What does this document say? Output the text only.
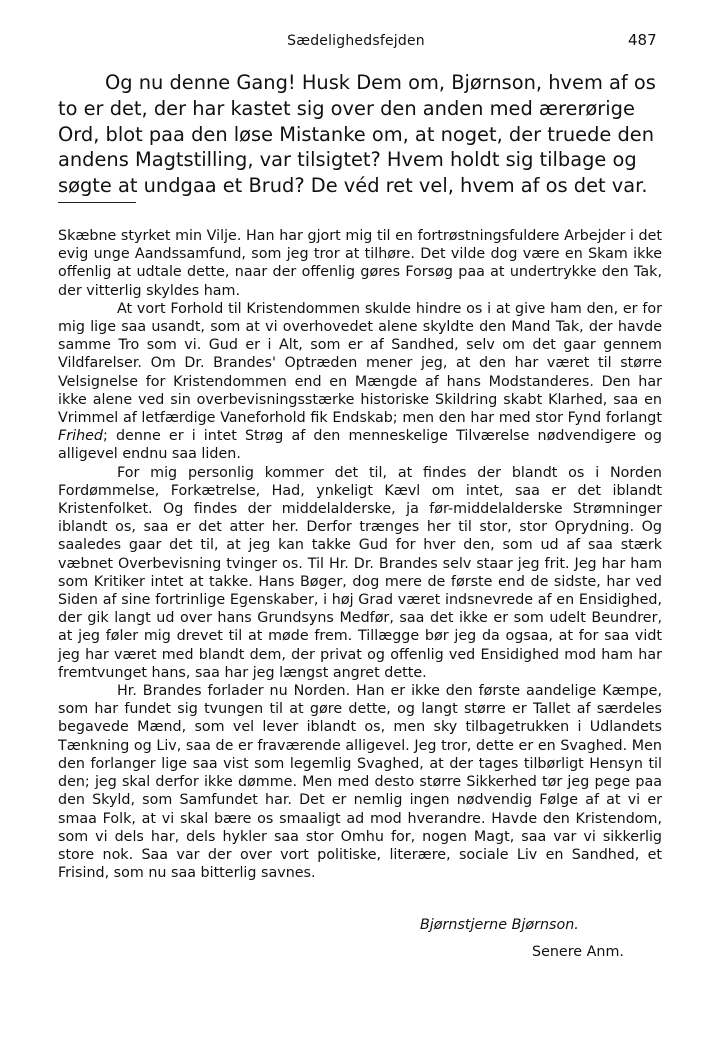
Sædelighedsfejden	487
Og nu denne Gang! Husk Dem om, Bjørnson, hvem af os
to er det, der har kastet sig over den anden med ærerørige
Ord, blot paa den løse Mistanke om, at noget, der truede den
andens Magtstilling, var tilsigtet? Hvem holdt sig tilbage og
søgte at undgaa et Brud? De véd ret vel, hvem af os det var.

Skæbne styrket min Vilje. Han har gjort mig til en fortrøstningsfuldere Arbejder i det evig unge Aandssamfund, som jeg tror at tilhøre. Det vilde dog være en Skam ikke offenlig at udtale dette, naar der offenlig gøres Forsøg paa at undertrykke den Tak, der vitterlig skyldes ham.

At vort Forhold til Kristendommen skulde hindre os i at give ham den, er for mig lige saa usandt, som at vi overhovedet alene skyldte den Mand Tak, der havde samme Tro som vi. Gud er i Alt, som er af Sandhed, selv om det gaar gennem Vildfarelser. Om Dr. Brandes' Optræden mener jeg, at den har været til større Velsignelse for Kristendommen end en Mængde af hans Modstanderes. Den har ikke alene ved sin overbevisningsstærke historiske Skildring skabt Klarhed, saa en Vrimmel af letfærdige Vaneforhold fik Endskab; men den har med stor Fynd forlangt Frihed; denne er i intet Strøg af den menneskelige Tilværelse nødvendigere og alligevel endnu saa liden.

For mig personlig kommer det til, at findes der blandt os i Norden Fordømmelse, Forkætrelse, Had, ynkeligt Kævl om intet, saa er det iblandt Kristenfolket. Og findes der middelalderske, ja før-middelalderske Strømninger iblandt os, saa er det atter her. Derfor trænges her til stor, stor Oprydning. Og saaledes gaar det til, at jeg kan takke Gud for hver den, som ud af saa stærk væbnet Overbevisning tvinger os. Til Hr. Dr. Brandes selv staar jeg frit. Jeg har ham som Kritiker intet at takke. Hans Bøger, dog mere de første end de sidste, har ved Siden af sine fortrinlige Egenskaber, i høj Grad været indsnevrede af en Ensidighed, der gik langt ud over hans Grundsyns Medfør, saa det ikke er som udelt Beundrer, at jeg føler mig drevet til at møde frem. Tillægge bør jeg da ogsaa, at for saa vidt jeg har været med blandt dem, der privat og offenlig ved Ensidighed mod ham har fremtvunget hans, saa har jeg længst angret dette.

Hr. Brandes forlader nu Norden. Han er ikke den første aandelige Kæmpe, som har fundet sig tvungen til at gøre dette, og langt større er Tallet af særdeles begavede Mænd, som vel lever iblandt os, men sky tilbagetrukken i Udlandets Tænkning og Liv, saa de er fraværende alligevel. Jeg tror, dette er en Svaghed. Men den forlanger lige saa vist som legemlig Svaghed, at der tages tilbørligt Hensyn til den; jeg skal derfor ikke dømme. Men med desto større Sikkerhed tør jeg pege paa den Skyld, som Samfundet har. Det er nemlig ingen nødvendig Følge af at vi er smaa Folk, at vi skal bære os smaaligt ad mod hverandre. Havde den Kristendom, som vi dels har, dels hykler saa stor Omhu for, nogen Magt, saa var vi sikkerlig store nok. Saa var der over vort politiske, literære, sociale Liv en Sandhed, et Frisind, som nu saa bitterlig savnes.

Bjørnstjerne Bjørnson.
Senere Anm.
